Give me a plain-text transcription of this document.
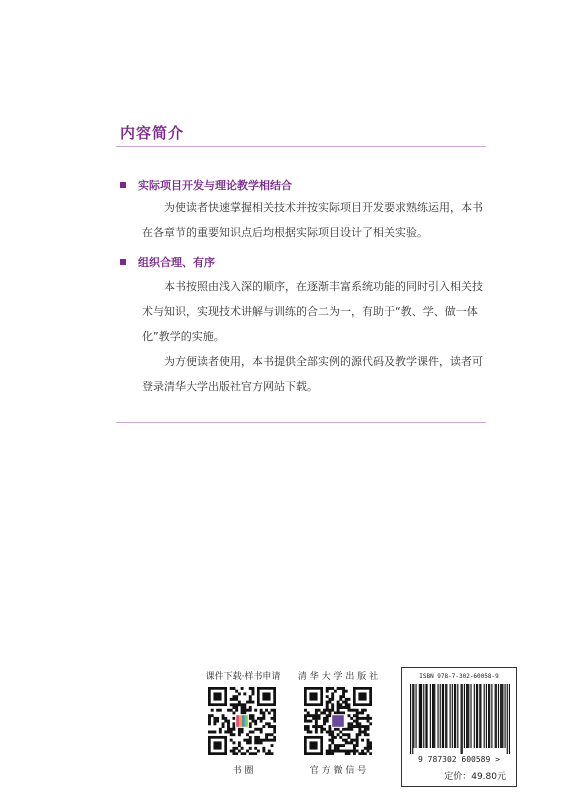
内容简介
实际项目开发与理论教学相结合

为使读者快速掌握相关技术并按实际项目开发要求熟练运用，本书在各章节的重要知识点后均根据实际项目设计了相关实验。

组织合理、有序

本书按照由浅入深的顺序，在逐渐丰富系统功能的同时引入相关技术与知识，实现技术讲解与训练的合二为一，有助于“教、学、做一体化”教学的实施。

为方便读者使用，本书提供全部实例的源代码及教学课件，读者可登录清华大学出版社官方网站下载。

课件下载·样书申请
书 圈
清 华 大 学 出 版 社
官 方 微 信 号
ISBN 978-7-302-60058-9
9 787302 600589 >
定价：49.80元
